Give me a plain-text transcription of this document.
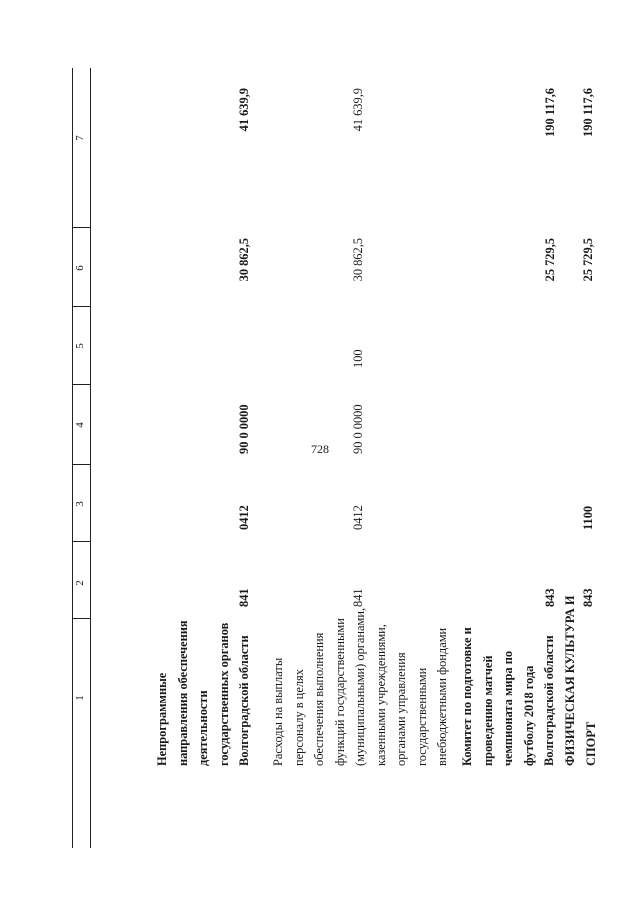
728
1
2
3
4
5
6
7
Непрограммные направления обеспечения деятельности государственных органов Волгоградской области
841
0412
90 0 0000
30 862,5
41 639,9
Расходы на выплаты персоналу в целях обеспечения выполнения функций государственными (муниципальными) органами, казенными учреждениями, органами управления государственными внебюджетными фондами
841
0412
90 0 0000
100
30 862,5
41 639,9
Комитет по подготовке и проведению матчей чемпионата мира по футболу 2018 года Волгоградской области
843
25 729,5
190 117,6
ФИЗИЧЕСКАЯ КУЛЬТУРА И СПОРТ
843
1100
25 729,5
190 117,6
